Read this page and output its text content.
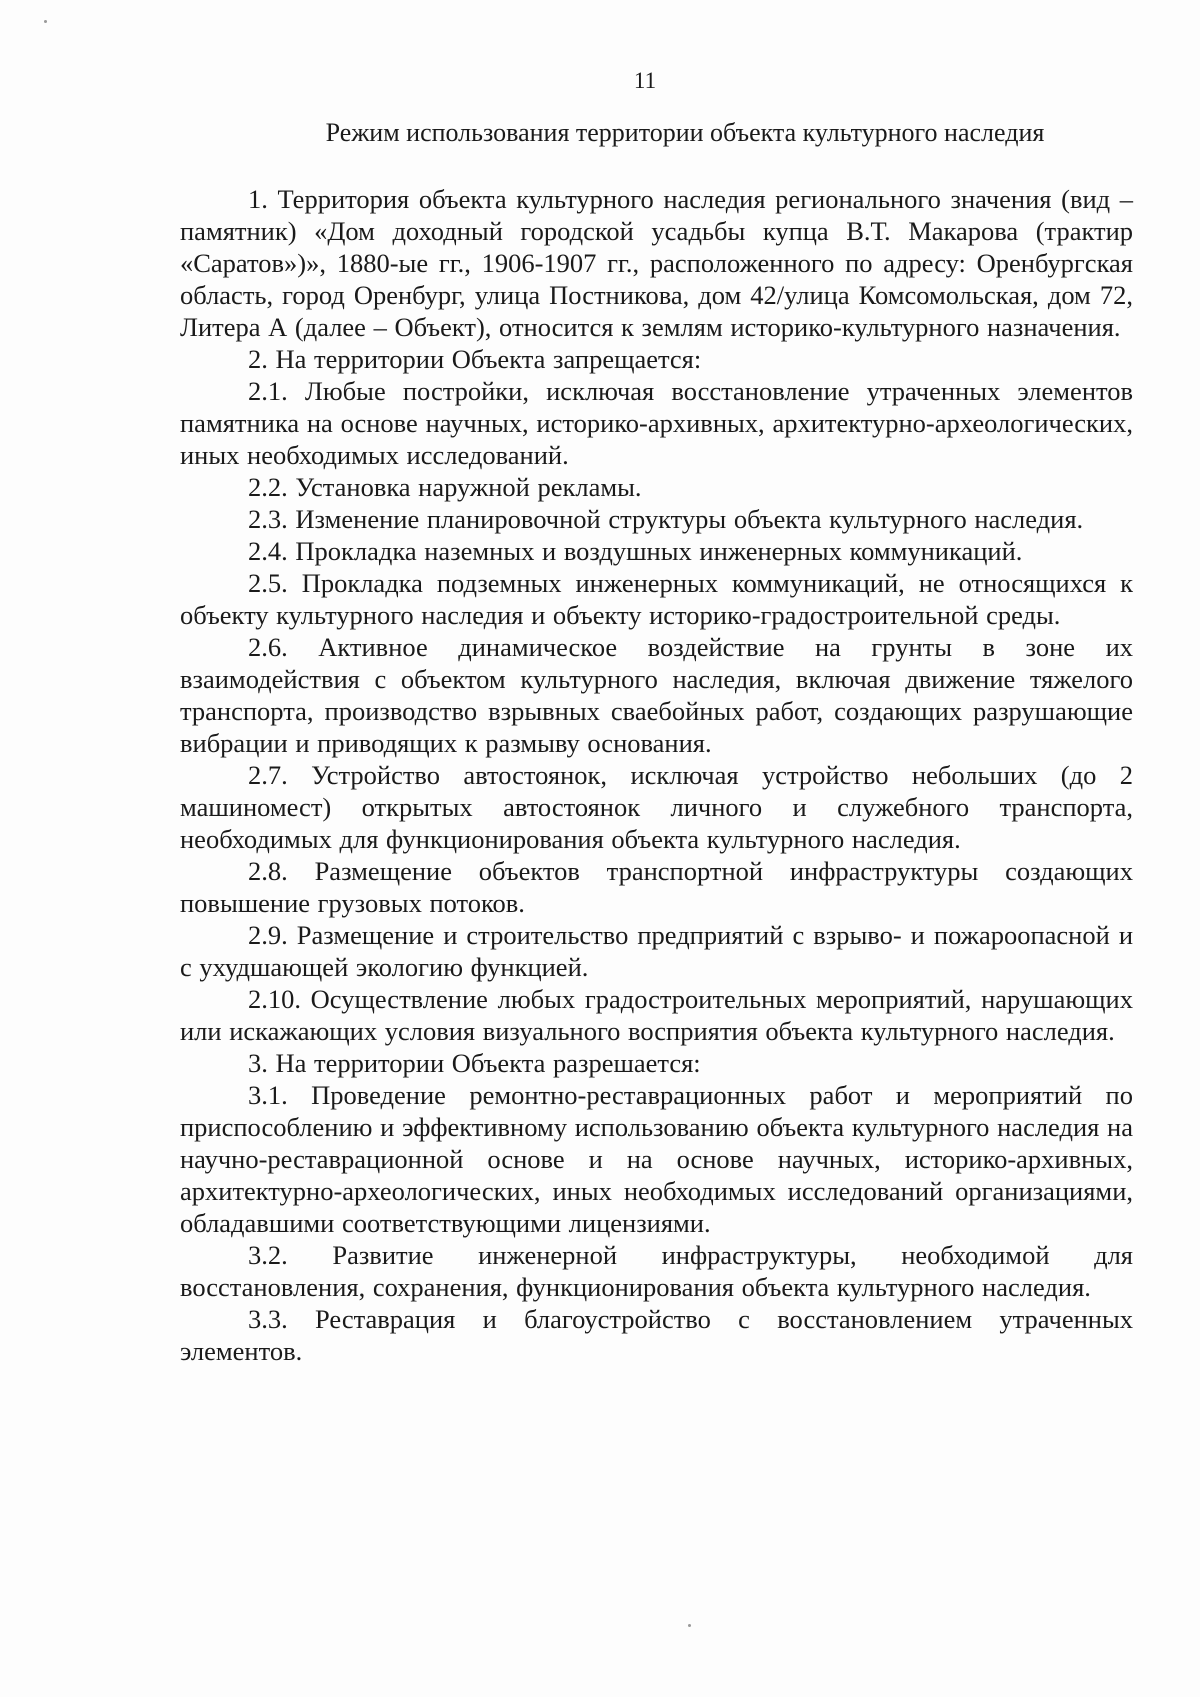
11
Режим использования территории объекта культурного наследия

1. Территория объекта культурного наследия регионального значения (вид – памятник) «Дом доходный городской усадьбы купца В.Т. Макарова (трактир «Саратов»)», 1880-ые гг., 1906-1907 гг., расположенного по адресу: Оренбургская область, город Оренбург, улица Постникова, дом 42/улица Комсомольская, дом 72, Литера А (далее – Объект), относится к землям историко-культурного назначения.

2. На территории Объекта запрещается:

2.1. Любые постройки, исключая восстановление утраченных элементов памятника на основе научных, историко-архивных, архитектурно-археологических, иных необходимых исследований.

2.2. Установка наружной рекламы.

2.3. Изменение планировочной структуры объекта культурного наследия.

2.4. Прокладка наземных и воздушных инженерных коммуникаций.

2.5. Прокладка подземных инженерных коммуникаций, не относящихся к объекту культурного наследия и объекту историко-градостроительной среды.

2.6. Активное динамическое воздействие на грунты в зоне их взаимодействия с объектом культурного наследия, включая движение тяжелого транспорта, производство взрывных сваебойных работ, создающих разрушающие вибрации и приводящих к размыву основания.

2.7. Устройство автостоянок, исключая устройство небольших (до 2 машиномест) открытых автостоянок личного и служебного транспорта, необходимых для функционирования объекта культурного наследия.

2.8. Размещение объектов транспортной инфраструктуры создающих повышение грузовых потоков.

2.9. Размещение и строительство предприятий с взрыво- и пожароопасной и с ухудшающей экологию функцией.

2.10. Осуществление любых градостроительных мероприятий, нарушающих или искажающих условия визуального восприятия объекта культурного наследия.

3. На территории Объекта разрешается:

3.1. Проведение ремонтно-реставрационных работ и мероприятий по приспособлению и эффективному использованию объекта культурного наследия на научно-реставрационной основе и на основе научных, историко-архивных, архитектурно-археологических, иных необходимых исследований организациями, обладавшими соответствующими лицензиями.

3.2. Развитие инженерной инфраструктуры, необходимой для восстановления, сохранения, функционирования объекта культурного наследия.

3.3. Реставрация и благоустройство с восстановлением утраченных элементов.
